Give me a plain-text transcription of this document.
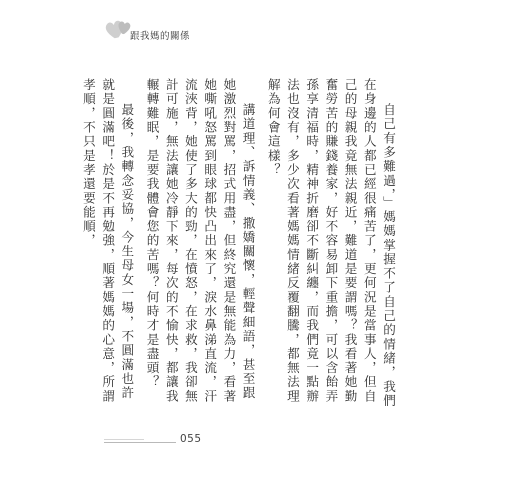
跟我媽的關係

自己有多難過，」媽媽掌握不了自己的情緒，我們在身邊的人都已經很痛苦了，更何況是當事人，但自己的母親我竟無法親近，難道是要謂嗎？我看著她勤奮勞苦的賺錢養家，好不容易卸下重擔，可以含飴弄孫享清福時，精神折磨卻不斷糾纏，而我們竟一點辦法也沒有，多少次看著媽媽情緒反覆翻騰，都無法理解為何會這樣？

講道理、訴情義、撒嬌關懷，輕聲細語，甚至跟她激烈對罵，招式用盡，但終究還是無能為力，看著她嘶吼怒罵到眼球都快凸出來了，淚水鼻涕直流，汗流浹背，她使了多大的勁，在憤怒，在求救，我卻無計可施，無法讓她冷靜下來，每次的不愉快，都讓我輾轉難眠，是要我體會您的苦嗎？何時才是盡頭？

最後，我轉念妥協，今生母女一場，不圓滿也許就是圓滿吧！於是不再勉強，順著媽媽的心意，所謂孝順，不只是孝還要能順，

055
